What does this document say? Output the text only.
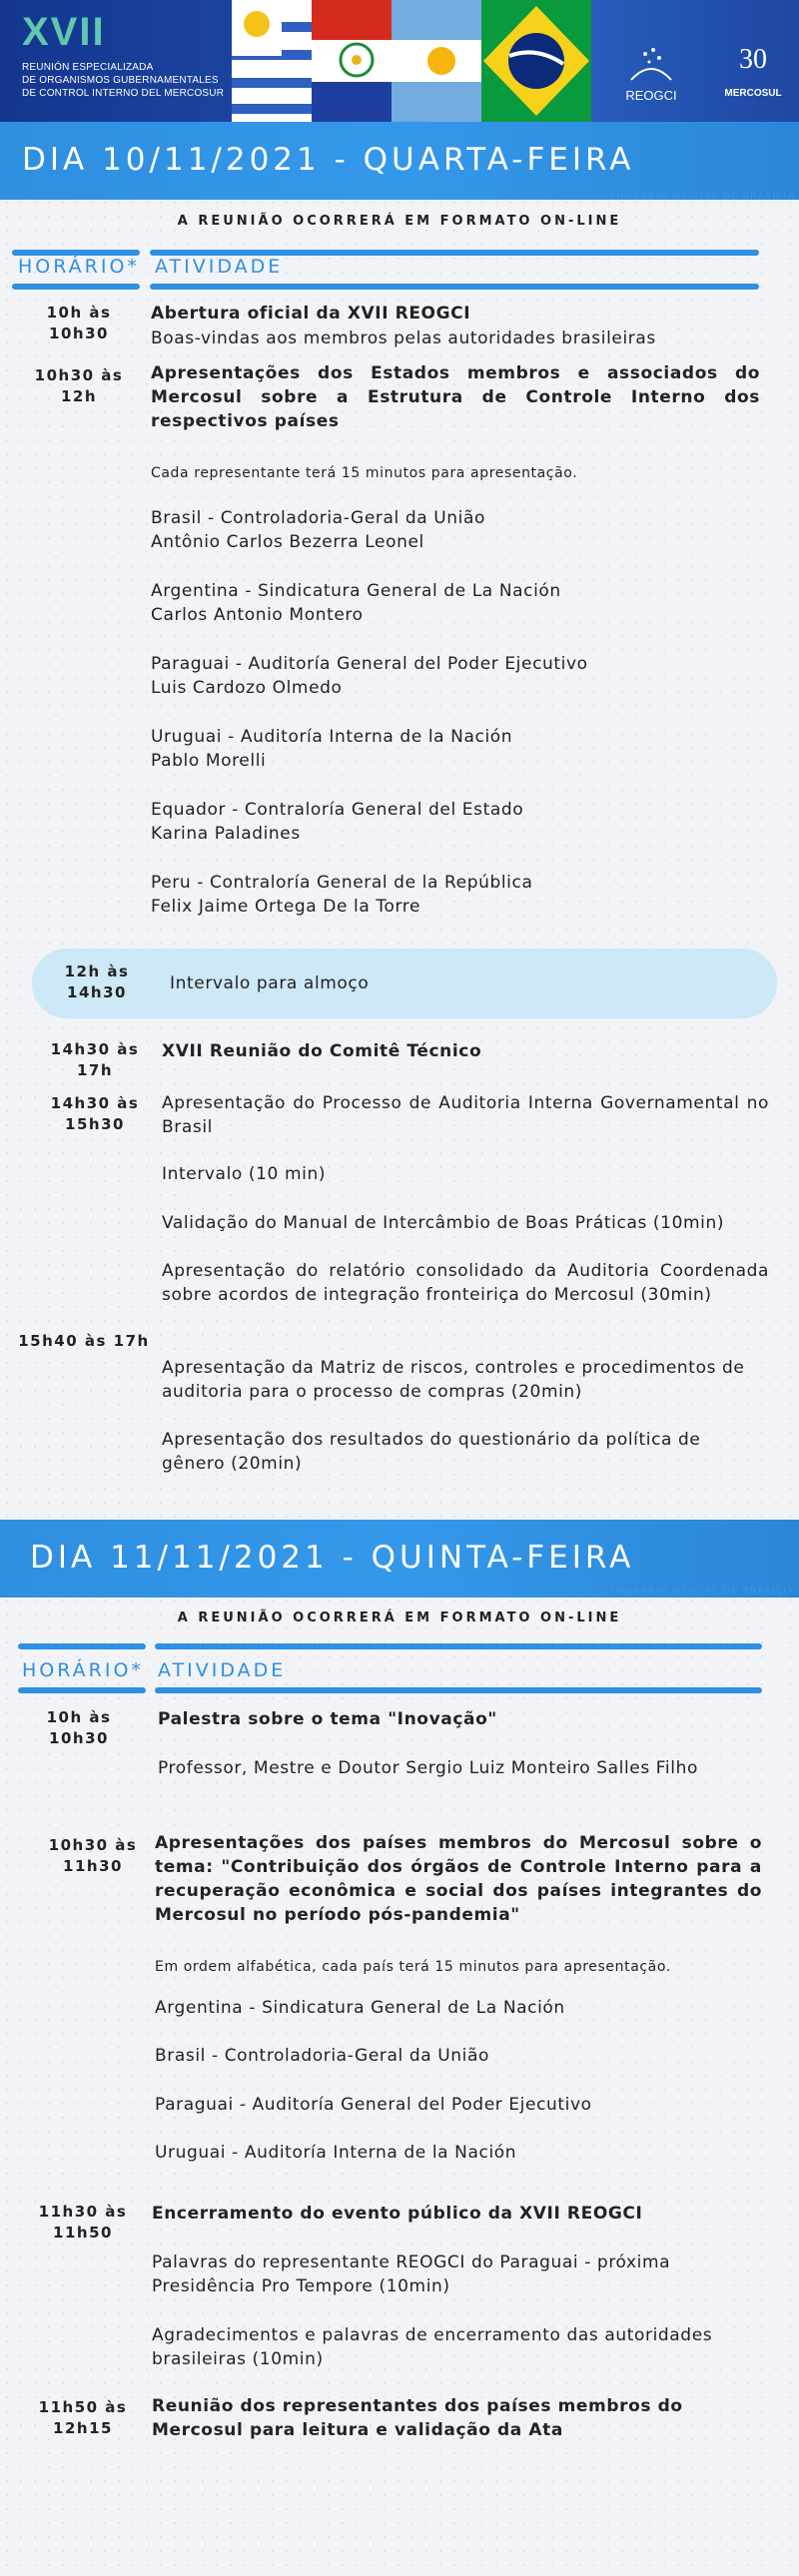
XVII
REUNIÓN ESPECIALIZADA
DE ORGANISMOS GUBERNAMENTALES
DE CONTROL INTERNO DEL MERCOSUR	REOGCI
30
MERCOSUL
DIA 10/11/2021 - QUARTA-FEIRA
*HORÁRIO OFICIAL DE BRASÍLIA
A REUNIÃO OCORRERÁ EM FORMATO ON-LINE
HORÁRIO* ATIVIDADE
10h às 10h30
Abertura oficial da XVII REOGCI
Boas-vindas aos membros pelas autoridades brasileiras
10h30 às 12h
Apresentações dos Estados membros e associados do Mercosul sobre a Estrutura de Controle Interno dos respectivos países
Cada representante terá 15 minutos para apresentação.
Brasil - Controladoria-Geral da União
Antônio Carlos Bezerra Leonel
Argentina - Sindicatura General de La Nación
Carlos Antonio Montero
Paraguai - Auditoría General del Poder Ejecutivo
Luis Cardozo Olmedo
Uruguai - Auditoría Interna de la Nación
Pablo Morelli
Equador - Contraloría General del Estado
Karina Paladines
Peru - Contraloría General de la República
Felix Jaime Ortega De la Torre
12h às 14h30	Intervalo para almoço
14h30 às 17h
XVII Reunião do Comitê Técnico
14h30 às 15h30
Apresentação do Processo de Auditoria Interna Governamental no Brasil
15h40 às 17h
Intervalo (10 min)
Validação do Manual de Intercâmbio de Boas Práticas (10min)
Apresentação do relatório consolidado da Auditoria Coordenada sobre acordos de integração fronteiriça do Mercosul (30min)
Apresentação da Matriz de riscos, controles e procedimentos de auditoria para o processo de compras (20min)
Apresentação dos resultados do questionário da política de gênero (20min)
DIA 11/11/2021 - QUINTA-FEIRA
*HORÁRIO OFICIAL DE BRASÍLIA
A REUNIÃO OCORRERÁ EM FORMATO ON-LINE
HORÁRIO* ATIVIDADE
10h às 10h30
Palestra sobre o tema "Inovação"
Professor, Mestre e Doutor Sergio Luiz Monteiro Salles Filho
10h30 às 11h30
Apresentações dos países membros do Mercosul sobre o tema: "Contribuição dos órgãos de Controle Interno para a recuperação econômica e social dos países integrantes do Mercosul no período pós-pandemia"
Em ordem alfabética, cada país terá 15 minutos para apresentação.
Argentina - Sindicatura General de La Nación
Brasil - Controladoria-Geral da União
Paraguai - Auditoría General del Poder Ejecutivo
Uruguai - Auditoría Interna de la Nación
11h30 às 11h50
Encerramento do evento público da XVII REOGCI
Palavras do representante REOGCI do Paraguai - próxima Presidência Pro Tempore (10min)
Agradecimentos e palavras de encerramento das autoridades brasileiras (10min)
11h50 às 12h15
Reunião dos representantes dos países membros do Mercosul para leitura e validação da Ata
